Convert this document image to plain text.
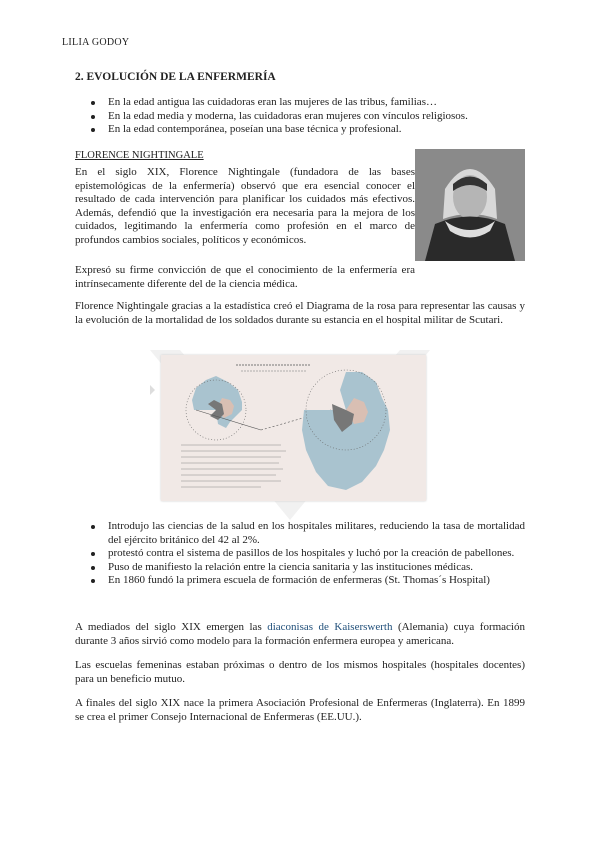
LILIA GODOY
2. EVOLUCIÓN DE LA ENFERMERÍA
En la edad antigua las cuidadoras eran las mujeres de las tribus, familias…
En la edad media y moderna, las cuidadoras eran mujeres con vínculos religiosos.
En la edad contemporánea, poseían una base técnica y profesional.
FLORENCE NIGHTINGALE
En el siglo XIX, Florence Nightingale (fundadora de las bases epistemológicas de la enfermería) observó que era esencial conocer el resultado de cada intervención para planificar los cuidados más efectivos. Además, defendió que la investigación era necesaria para la mejora de los cuidados, legitimando la enfermería como profesión en el marco de profundos cambios sociales, políticos y económicos.
Expresó su firme convicción de que el conocimiento de la enfermería era intrínsecamente diferente del de la ciencia médica.
Florence Nightingale gracias a la estadística creó el Diagrama de la rosa para representar las causas y la evolución de la mortalidad de los soldados durante su estancia en el hospital militar de Scutari.
Introdujo las ciencias de la salud en los hospitales militares, reduciendo la tasa de mortalidad del ejército británico del 42 al 2%.
protestó contra el sistema de pasillos de los hospitales y luchó por la creación de pabellones.
Puso de manifiesto la relación entre la ciencia sanitaria y las instituciones médicas.
En 1860 fundó la primera escuela de formación de enfermeras (St. Thomas´s Hospital)
A mediados del siglo XIX emergen las diaconisas de Kaiserswerth (Alemania) cuya formación durante 3 años sirvió como modelo para la formación enfermera europea y americana.
Las escuelas femeninas estaban próximas o dentro de los mismos hospitales (hospitales docentes) para un beneficio mutuo.
A finales del siglo XIX nace la primera Asociación Profesional de Enfermeras (Inglaterra). En 1899 se crea el primer Consejo Internacional de Enfermeras (EE.UU.).
